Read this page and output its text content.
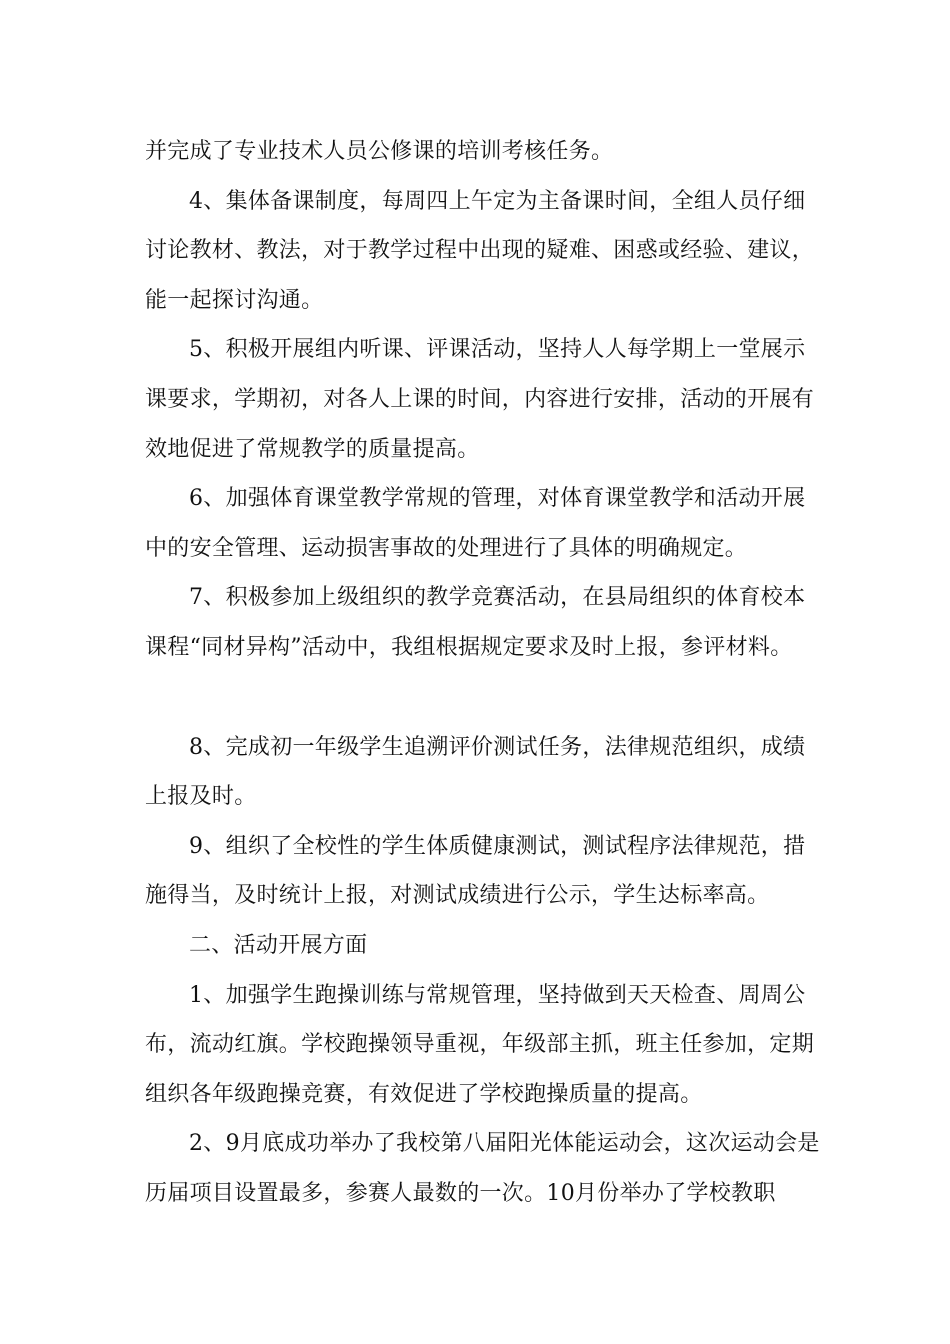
并完成了专业技术人员公修课的培训考核任务。

4、集体备课制度，每周四上午定为主备课时间，全组人员仔细讨论教材、教法，对于教学过程中出现的疑难、困惑或经验、建议，能一起探讨沟通。

5、积极开展组内听课、评课活动，坚持人人每学期上一堂展示课要求，学期初，对各人上课的时间，内容进行安排，活动的开展有效地促进了常规教学的质量提高。

6、加强体育课堂教学常规的管理，对体育课堂教学和活动开展中的安全管理、运动损害事故的处理进行了具体的明确规定。

7、积极参加上级组织的教学竞赛活动，在县局组织的体育校本课程“同材异构”活动中，我组根据规定要求及时上报，参评材料。

8、完成初一年级学生追溯评价测试任务，法律规范组织，成绩上报及时。

9、组织了全校性的学生体质健康测试，测试程序法律规范，措施得当，及时统计上报，对测试成绩进行公示，学生达标率高。

二、活动开展方面

1、加强学生跑操训练与常规管理，坚持做到天天检查、周周公布，流动红旗。学校跑操领导重视，年级部主抓，班主任参加，定期组织各年级跑操竞赛，有效促进了学校跑操质量的提高。

2、9月底成功举办了我校第八届阳光体能运动会，这次运动会是历届项目设置最多，参赛人最数的一次。10月份举办了学校教职
